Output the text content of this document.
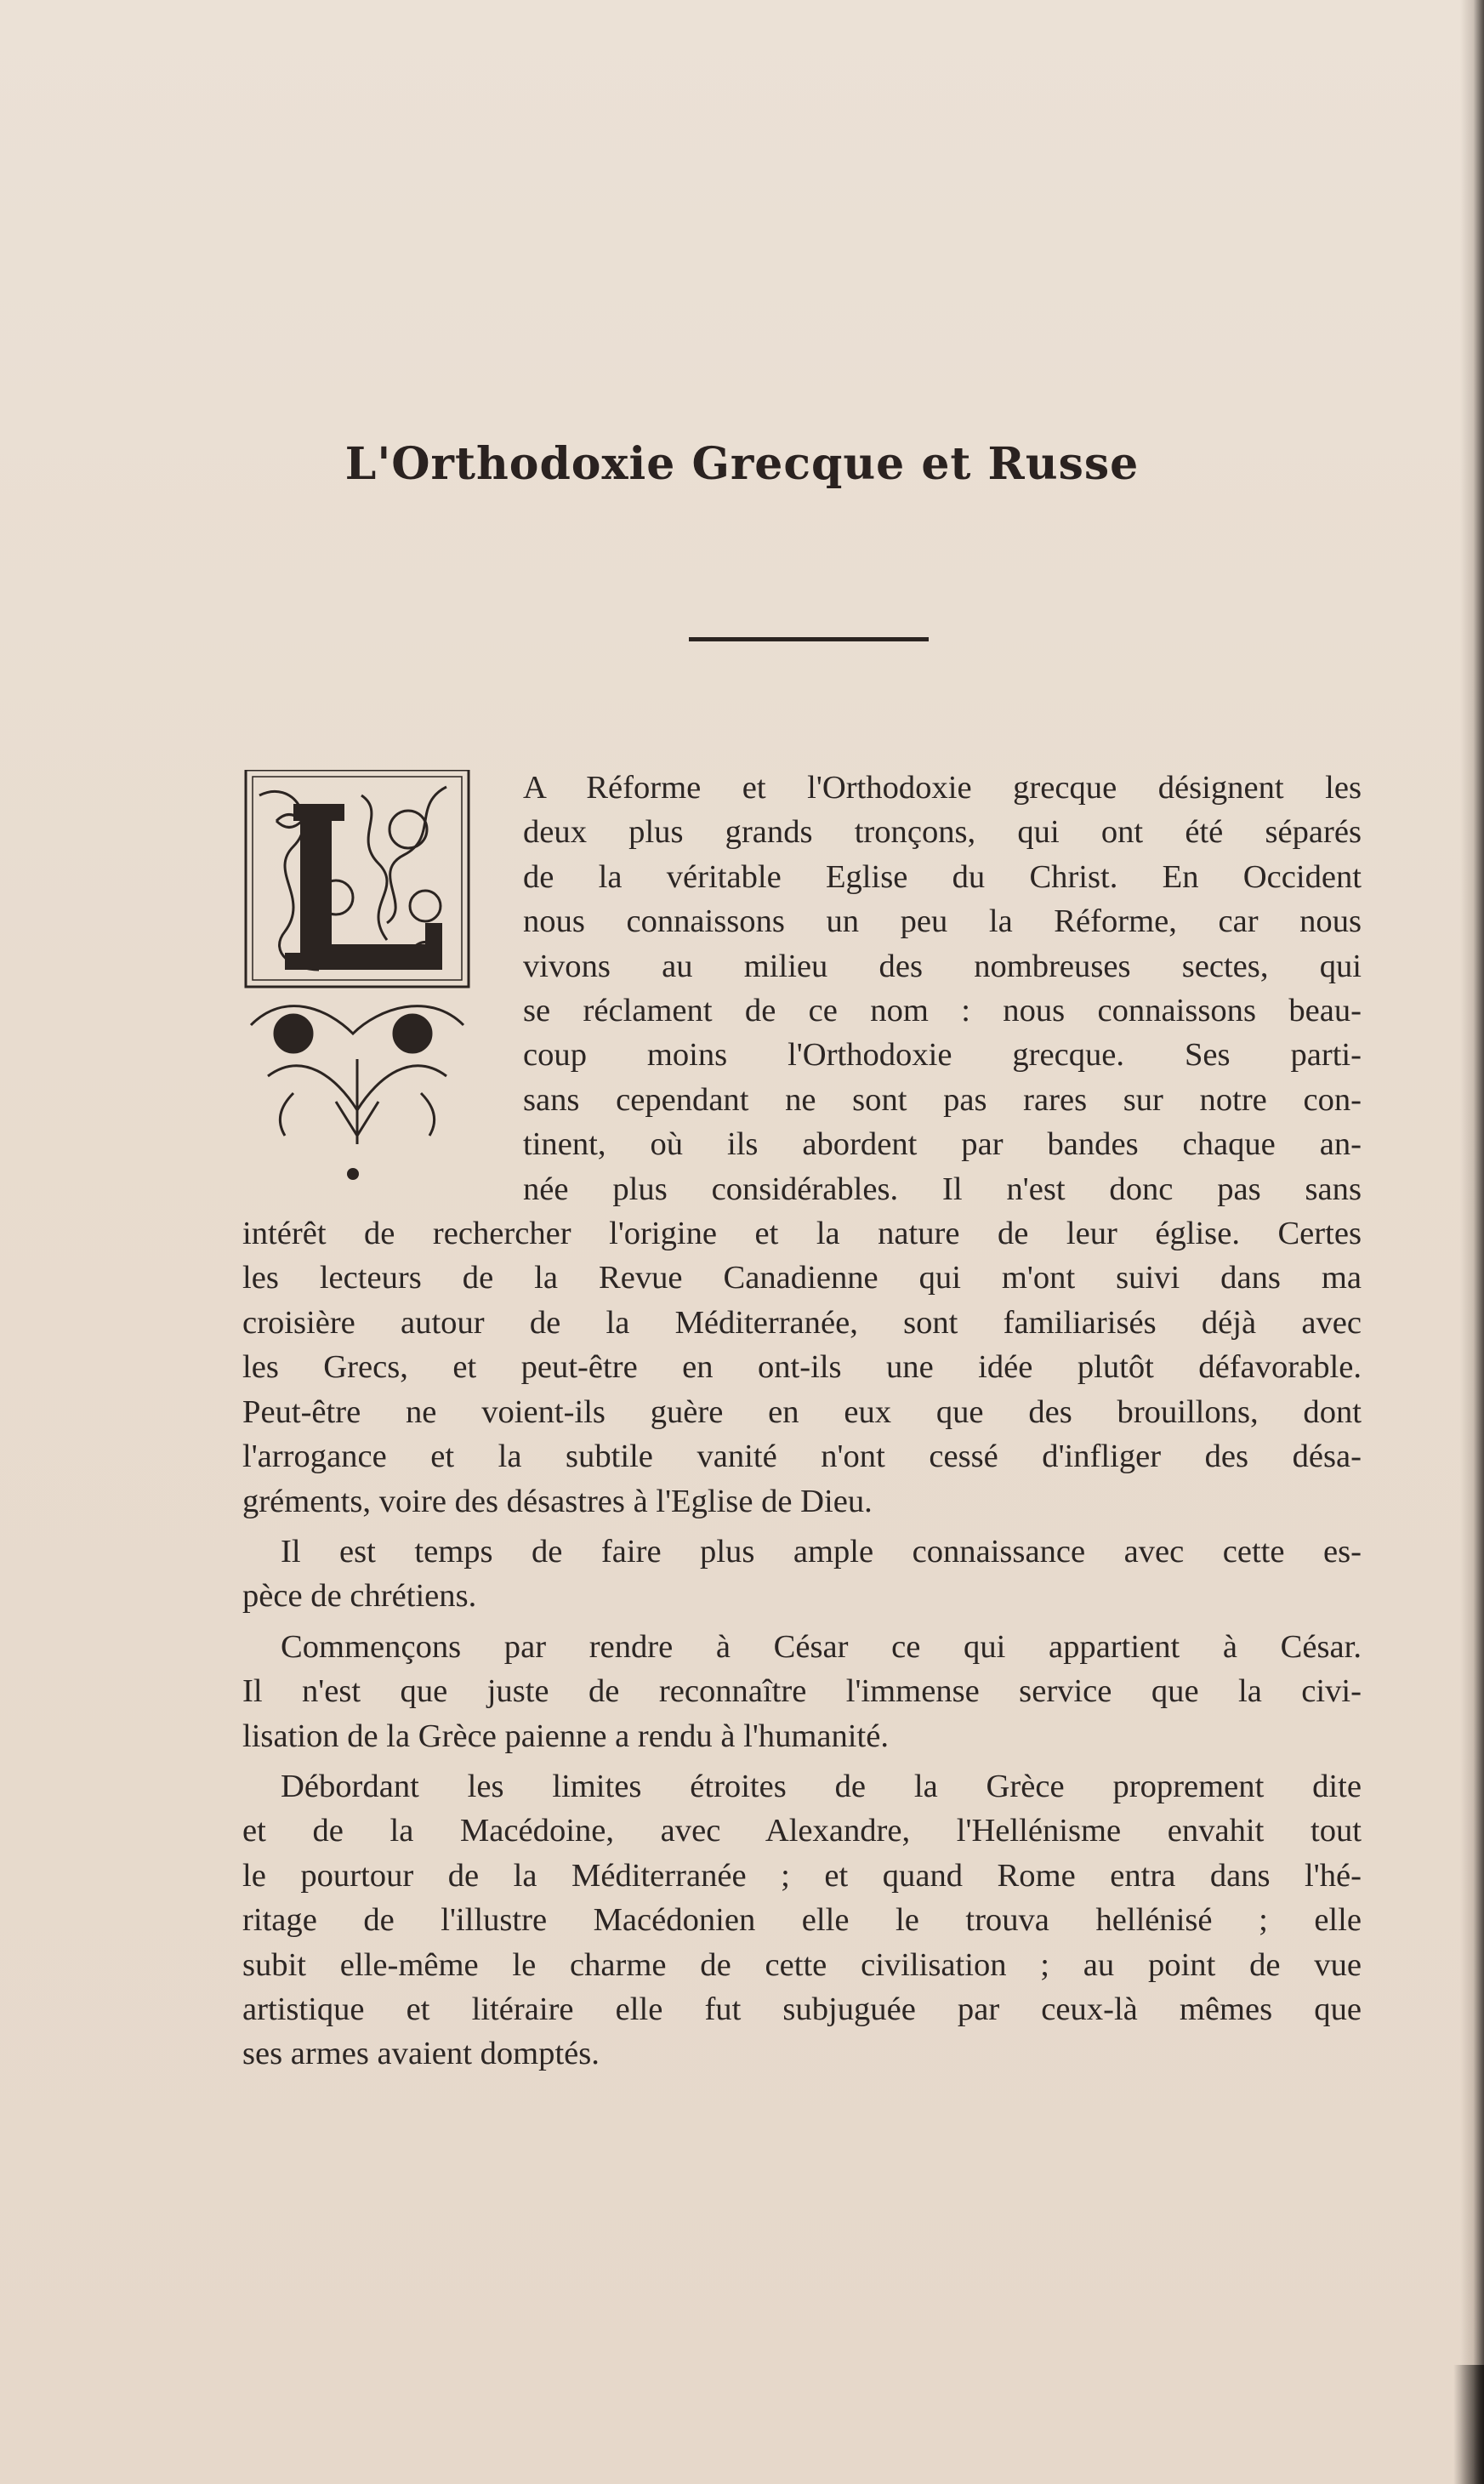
L'Orthodoxie Grecque et Russe

A Réforme et l'Orthodoxie grecque désignent les
deux plus grands tronçons, qui ont été séparés
de la véritable Eglise du Christ. En Occident
nous connaissons un peu la Réforme, car nous
vivons au milieu des nombreuses sectes, qui
se réclament de ce nom : nous connaissons beau-
coup moins l'Orthodoxie grecque. Ses parti-
sans cependant ne sont pas rares sur notre con-
tinent, où ils abordent par bandes chaque an-
née plus considérables. Il n'est donc pas sans
intérêt de rechercher l'origine et la nature de leur église. Certes
les lecteurs de la Revue Canadienne qui m'ont suivi dans ma
croisière autour de la Méditerranée, sont familiarisés déjà avec
les Grecs, et peut-être en ont-ils une idée plutôt défavorable.
Peut-être ne voient-ils guère en eux que des brouillons, dont
l'arrogance et la subtile vanité n'ont cessé d'infliger des désa-
gréments, voire des désastres à l'Eglise de Dieu.

Il est temps de faire plus ample connaissance avec cette es-
pèce de chrétiens.

Commençons par rendre à César ce qui appartient à César.
Il n'est que juste de reconnaître l'immense service que la civi-
lisation de la Grèce paienne a rendu à l'humanité.

Débordant les limites étroites de la Grèce proprement dite
et de la Macédoine, avec Alexandre, l'Hellénisme envahit tout
le pourtour de la Méditerranée ; et quand Rome entra dans l'hé-
ritage de l'illustre Macédonien elle le trouva hellénisé ; elle
subit elle-même le charme de cette civilisation ; au point de vue
artistique et litéraire elle fut subjuguée par ceux-là mêmes que
ses armes avaient domptés.
